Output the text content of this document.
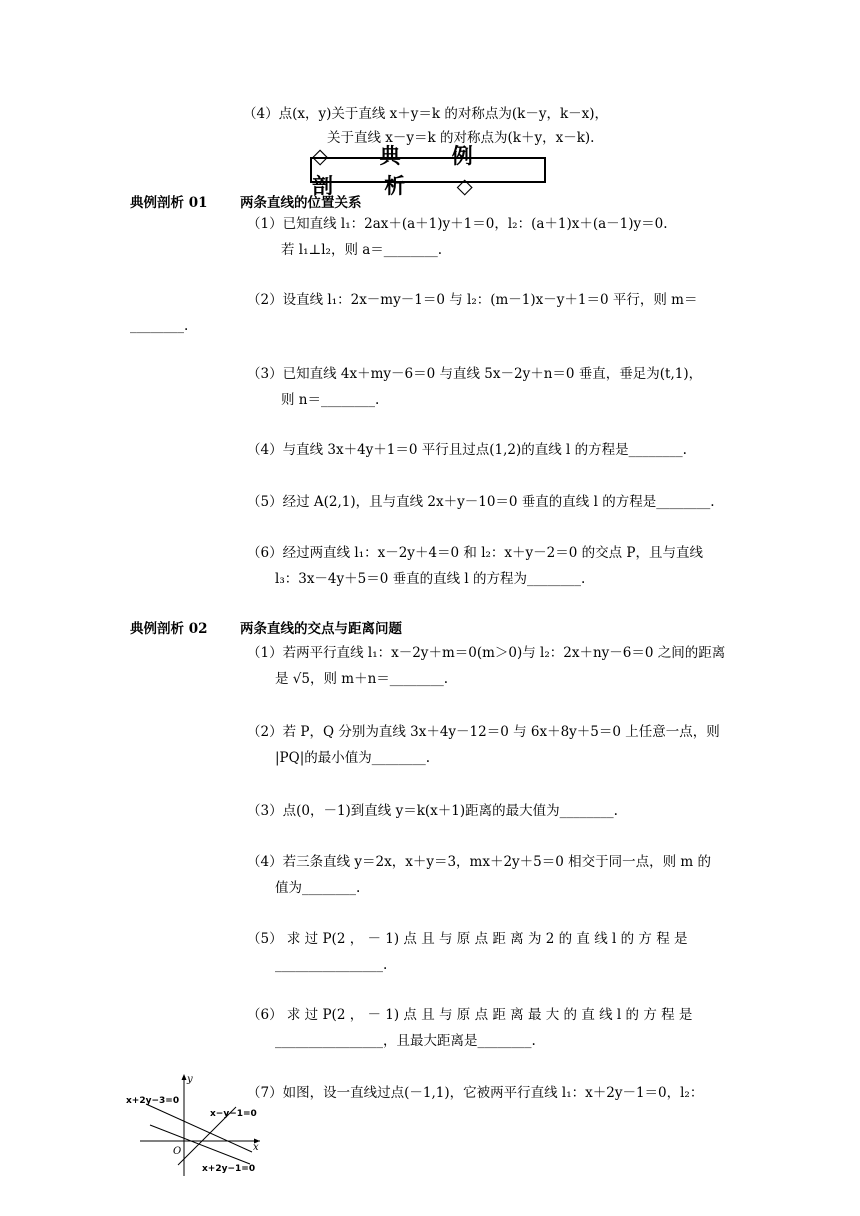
（4）点(x，y)关于直线 x＋y＝k 的对称点为(k－y，k－x)，
关于直线 x－y＝k 的对称点为(k＋y，x－k).
◇ 典 例 剖 析 ◇
典例剖析 01 两条直线的位置关系
（1）已知直线 l₁：2ax＋(a＋1)y＋1＝0，l₂：(a＋1)x＋(a－1)y＝0.
若 l₁⊥l₂，则 a＝________.
（2）设直线 l₁：2x－my－1＝0 与 l₂：(m－1)x－y＋1＝0 平行，则 m＝
________.
（3）已知直线 4x＋my－6＝0 与直线 5x－2y＋n＝0 垂直，垂足为(t,1)，
则 n＝________.
（4）与直线 3x＋4y＋1＝0 平行且过点(1,2)的直线 l 的方程是________.
（5）经过 A(2,1)，且与直线 2x＋y－10＝0 垂直的直线 l 的方程是________.
（6）经过两直线 l₁：x－2y＋4＝0 和 l₂：x＋y－2＝0 的交点 P，且与直线
l₃：3x－4y＋5＝0 垂直的直线 l 的方程为________.
典例剖析 02 两条直线的交点与距离问题
（1）若两平行直线 l₁：x－2y＋m＝0(m＞0)与 l₂：2x＋ny－6＝0 之间的距离
是 √5，则 m＋n＝________.
（2）若 P，Q 分别为直线 3x＋4y－12＝0 与 6x＋8y＋5＝0 上任意一点，则
|PQ|的最小值为________.
（3）点(0，－1)到直线 y＝k(x＋1)距离的最大值为________.
（4）若三条直线 y＝2x，x＋y＝3，mx＋2y＋5＝0 相交于同一点，则 m 的
值为________.
（5） 求 过 P(2 ， － 1) 点 且 与 原 点 距 离 为 2 的 直 线 l 的 方 程 是
________________.
（6） 求 过 P(2 ， － 1) 点 且 与 原 点 距 离 最 大 的 直 线 l 的 方 程 是
________________，且最大距离是________.
（7）如图，设一直线过点(－1,1)，它被两平行直线 l₁：x＋2y－1＝0，l₂：
y
x
O
x+2y−3=0
x−y−1=0
x+2y−1=0
